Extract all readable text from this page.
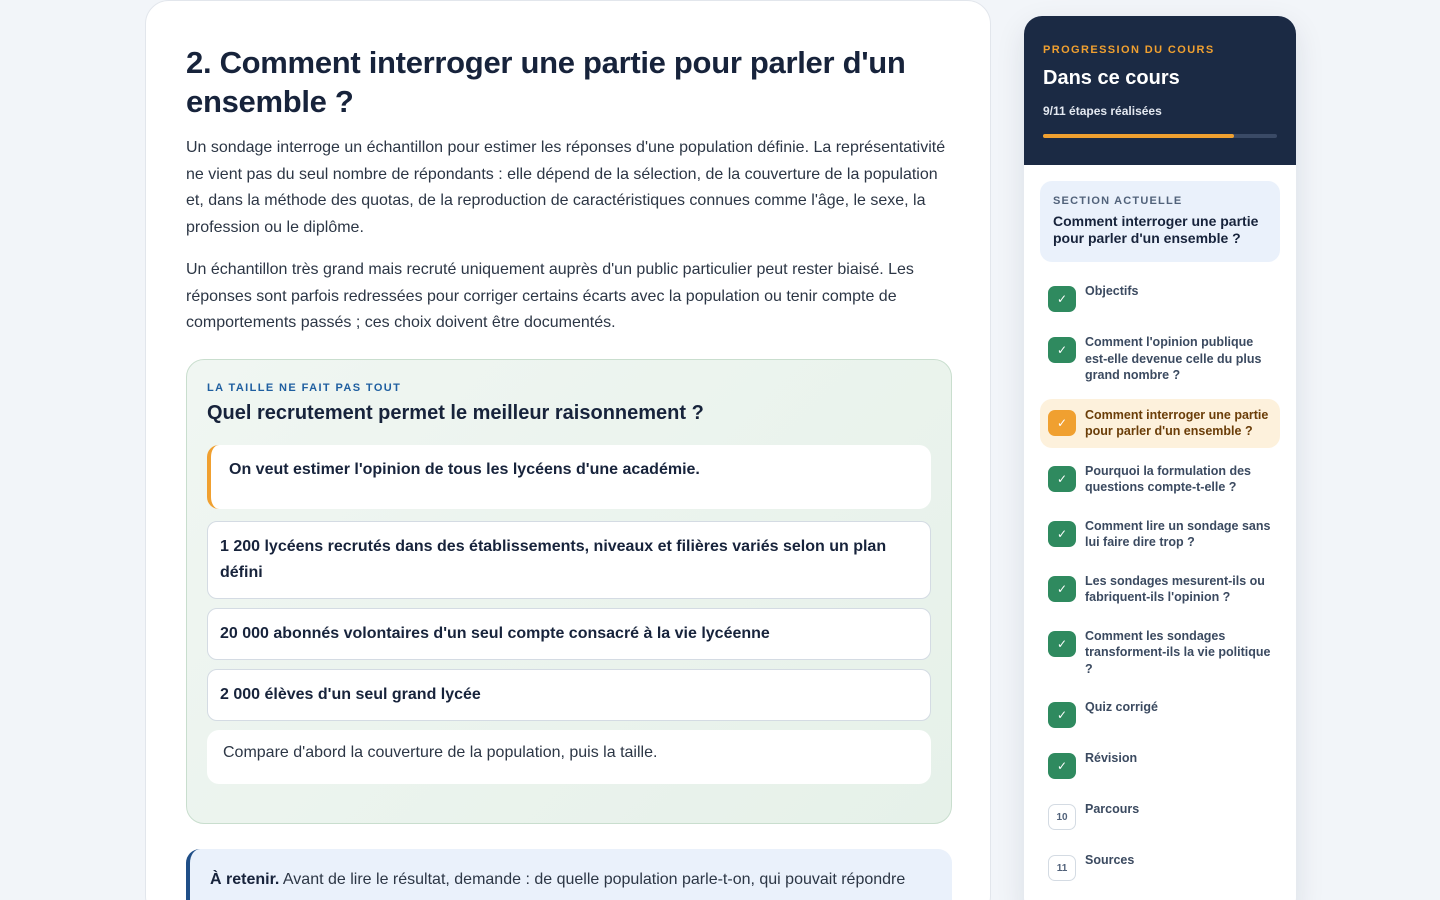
2. Comment interroger une partie pour parler d'un ensemble ?

Un sondage interroge un échantillon pour estimer les réponses d'une population définie. La représentativité ne vient pas du seul nombre de répondants : elle dépend de la sélection, de la couverture de la population et, dans la méthode des quotas, de la reproduction de caractéristiques connues comme l'âge, le sexe, la profession ou le diplôme.

Un échantillon très grand mais recruté uniquement auprès d'un public particulier peut rester biaisé. Les réponses sont parfois redressées pour corriger certains écarts avec la population ou tenir compte de comportements passés ; ces choix doivent être documentés.

LA TAILLE NE FAIT PAS TOUT
Quel recrutement permet le meilleur raisonnement ?
On veut estimer l'opinion de tous les lycéens d'une académie.
1 200 lycéens recrutés dans des établissements, niveaux et filières variés selon un plan défini
20 000 abonnés volontaires d'un seul compte consacré à la vie lycéenne
2 000 élèves d'un seul grand lycée
Compare d'abord la couverture de la population, puis la taille.
À retenir. Avant de lire le résultat, demande : de quelle population parle-t-on, qui pouvait répondre
PROGRESSION DU COURS
Dans ce cours
9/11 étapes réalisées
SECTION ACTUELLE
Comment interroger une partie pour parler d'un ensemble ?
✓
Objectifs
✓
Comment l'opinion publique est-elle devenue celle du plus grand nombre ?
✓
Comment interroger une partie pour parler d'un ensemble ?
✓
Pourquoi la formulation des questions compte-t-elle ?
✓
Comment lire un sondage sans lui faire dire trop ?
✓
Les sondages mesurent-ils ou fabriquent-ils l'opinion ?
✓
Comment les sondages transforment-ils la vie politique ?
✓
Quiz corrigé
✓
Révision
10
Parcours
11
Sources
